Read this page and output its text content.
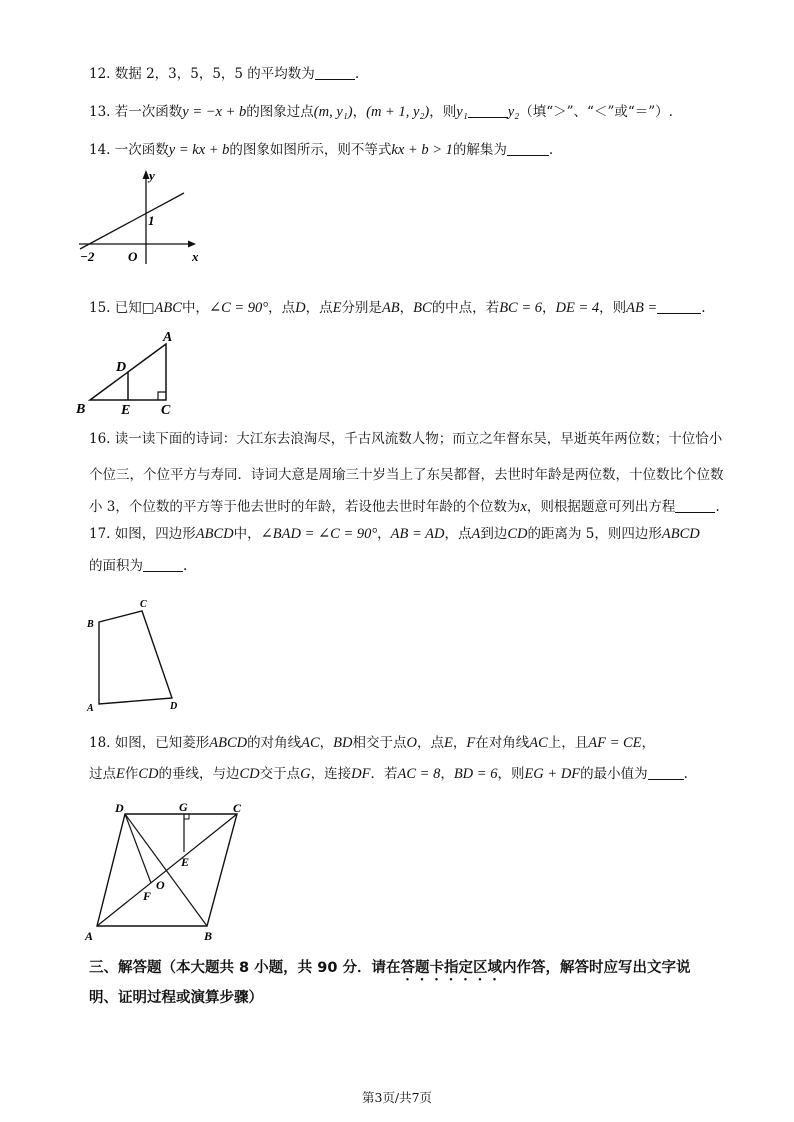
12. 数据 2，3，5，5，5 的平均数为	.
13. 若一次函数y = −x + b的图象过点(m, y₁)，(m + 1, y₂)，则y₁	y₂（填“＞”、“＜”或“＝”）.
14. 一次函数y = kx + b的图象如图所示，则不等式kx + b > 1的解集为	.
y
x
O
1
−2
15. 已知□ABC中，∠C = 90°，点D，点E分别是AB，BC的中点，若BC = 6，DE = 4，则AB =	.
A
B	C
D
E
16. 读一读下面的诗词：大江东去浪淘尽，千古风流数人物；而立之年督东吴，早逝英年两位数；十位恰小
个位三，个位平方与寿同．诗词大意是周瑜三十岁当上了东吴都督，去世时年龄是两位数，十位数比个位数
小 3，个位数的平方等于他去世时的年龄，若设他去世时年龄的个位数为x，则根据题意可列出方程	.
17. 如图，四边形ABCD中，∠BAD = ∠C = 90°，AB = AD，点A到边CD的距离为 5，则四边形ABCD
的面积为	.
A
B
C
D
18. 如图，已知菱形ABCD的对角线AC，BD相交于点O，点E，F在对角线AC上，且AF = CE，
过点E作CD的垂线，与边CD交于点G，连接DF．若AC = 8，BD = 6，则EG + DF的最小值为	.
A	B
C
D	G
E
O
F
三、解答题（本大题共 8 小题，共 90 分．请在答题卡指定区域内作答，解答时应写出文字说
明、证明过程或演算步骤）
第3页/共7页
